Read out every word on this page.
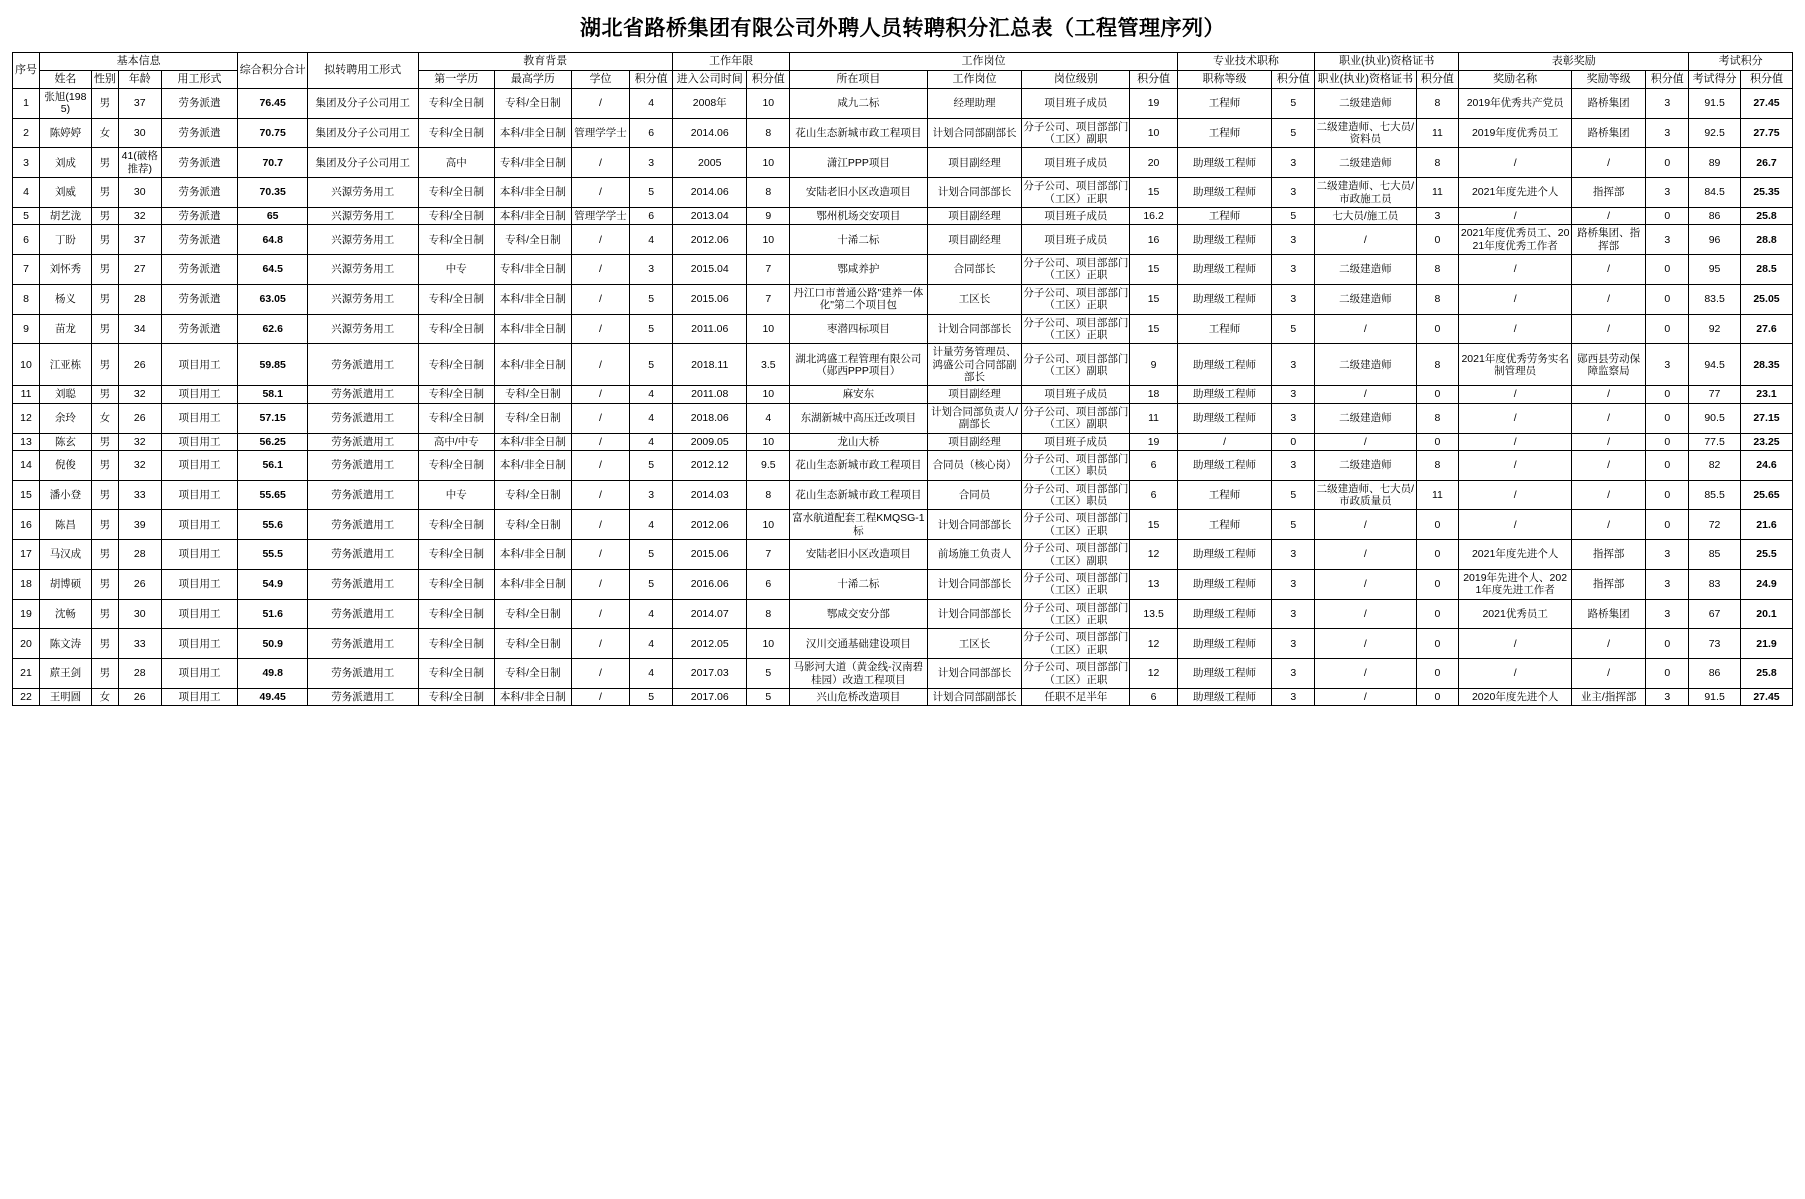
湖北省路桥集团有限公司外聘人员转聘积分汇总表（工程管理序列）
序号	基本信息				综合积分合计	拟转聘用工形式	教育背景				工作年限		工作岗位				专业技术职称		职业(执业)资格证书		表彰奖励			考试积分	
	姓名	性别	年龄	用工形式			第一学历	最高学历	学位	积分值	进入公司时间	积分值	所在项目	工作岗位	岗位级别	积分值	职称等级	积分值	职业(执业)资格证书	积分值	奖励名称	奖励等级	积分值	考试得分	积分值
1	张旭(1985)	男	37	劳务派遣	76.45	集团及分子公司用工	专科/全日制	专科/全日制	/	4	2008年	10	咸九二标	经理助理	项目班子成员	19	工程师	5	二级建造师	8	2019年优秀共产党员	路桥集团	3	91.5	27.45
2	陈婷婷	女	30	劳务派遣	70.75	集团及分子公司用工	专科/全日制	本科/非全日制	管理学学士	6	2014.06	8	花山生态新城市政工程项目	计划合同部副部长	分子公司、项目部部门（工区）副职	10	工程师	5	二级建造师、七大员/资料员	11	2019年度优秀员工	路桥集团	3	92.5	27.75
3	刘成	男	41(破格推荐)	劳务派遣	70.7	集团及分子公司用工	高中	专科/非全日制	/	3	2005	10	潇江PPP项目	项目副经理	项目班子成员	20	助理级工程师	3	二级建造师	8	/	/	0	89	26.7
4	刘威	男	30	劳务派遣	70.35	兴源劳务用工	专科/全日制	本科/非全日制	/	5	2014.06	8	安陆老旧小区改造项目	计划合同部部长	分子公司、项目部部门（工区）正职	15	助理级工程师	3	二级建造师、七大员/市政施工员	11	2021年度先进个人	指挥部	3	84.5	25.35
5	胡艺泷	男	32	劳务派遣	65	兴源劳务用工	专科/全日制	本科/非全日制	管理学学士	6	2013.04	9	鄂州机场交安项目	项目副经理	项目班子成员	16.2	工程师	5	七大员/施工员	3	/	/	0	86	25.8
6	丁盼	男	37	劳务派遣	64.8	兴源劳务用工	专科/全日制	专科/全日制	/	4	2012.06	10	十浠二标	项目副经理	项目班子成员	16	助理级工程师	3	/	0	2021年度优秀员工、2021年度优秀工作者	路桥集团、指挥部	3	96	28.8
7	刘怀秀	男	27	劳务派遣	64.5	兴源劳务用工	中专	专科/非全日制	/	3	2015.04	7	鄂咸养护	合同部长	分子公司、项目部部门（工区）正职	15	助理级工程师	3	二级建造师	8	/	/	0	95	28.5
8	杨义	男	28	劳务派遣	63.05	兴源劳务用工	专科/全日制	本科/非全日制	/	5	2015.06	7	丹江口市普通公路"建养一体化"第二个项目包	工区长	分子公司、项目部部门（工区）正职	15	助理级工程师	3	二级建造师	8	/	/	0	83.5	25.05
9	苗龙	男	34	劳务派遣	62.6	兴源劳务用工	专科/全日制	本科/非全日制	/	5	2011.06	10	枣潜四标项目	计划合同部部长	分子公司、项目部部门（工区）正职	15	工程师	5	/	0	/	/	0	92	27.6
10	江亚栋	男	26	项目用工	59.85	劳务派遣用工	专科/全日制	本科/非全日制	/	5	2018.11	3.5	湖北鸿盛工程管理有限公司（郧西PPP项目）	计量劳务管理员、鸿盛公司合同部副部长	分子公司、项目部部门（工区）副职	9	助理级工程师	3	二级建造师	8	2021年度优秀劳务实名制管理员	郧西县劳动保障监察局	3	94.5	28.35
11	刘聪	男	32	项目用工	58.1	劳务派遣用工	专科/全日制	专科/全日制	/	4	2011.08	10	麻安东	项目副经理	项目班子成员	18	助理级工程师	3	/	0	/	/	0	77	23.1
12	余玲	女	26	项目用工	57.15	劳务派遣用工	专科/全日制	专科/全日制	/	4	2018.06	4	东湖新城中高压迁改项目	计划合同部负责人/副部长	分子公司、项目部部门（工区）副职	11	助理级工程师	3	二级建造师	8	/	/	0	90.5	27.15
13	陈玄	男	32	项目用工	56.25	劳务派遣用工	高中/中专	本科/非全日制	/	4	2009.05	10	龙山大桥	项目副经理	项目班子成员	19	/	0	/	0	/	/	0	77.5	23.25
14	倪俊	男	32	项目用工	56.1	劳务派遣用工	专科/全日制	本科/非全日制	/	5	2012.12	9.5	花山生态新城市政工程项目	合同员（核心岗）	分子公司、项目部部门（工区）职员	6	助理级工程师	3	二级建造师	8	/	/	0	82	24.6
15	潘小登	男	33	项目用工	55.65	劳务派遣用工	中专	专科/全日制	/	3	2014.03	8	花山生态新城市政工程项目	合同员	分子公司、项目部部门（工区）职员	6	工程师	5	二级建造师、七大员/市政质量员	11	/	/	0	85.5	25.65
16	陈昌	男	39	项目用工	55.6	劳务派遣用工	专科/全日制	专科/全日制	/	4	2012.06	10	富水航道配套工程KMQSG-1标	计划合同部部长	分子公司、项目部部门（工区）正职	15	工程师	5	/	0	/	/	0	72	21.6
17	马汉成	男	28	项目用工	55.5	劳务派遣用工	专科/全日制	本科/非全日制	/	5	2015.06	7	安陆老旧小区改造项目	前场施工负责人	分子公司、项目部部门（工区）副职	12	助理级工程师	3	/	0	2021年度先进个人	指挥部	3	85	25.5
18	胡博硕	男	26	项目用工	54.9	劳务派遣用工	专科/全日制	本科/非全日制	/	5	2016.06	6	十浠二标	计划合同部部长	分子公司、项目部部门（工区）正职	13	助理级工程师	3	/	0	2019年先进个人、2021年度先进工作者	指挥部	3	83	24.9
19	沈畅	男	30	项目用工	51.6	劳务派遣用工	专科/全日制	专科/全日制	/	4	2014.07	8	鄂咸交安分部	计划合同部部长	分子公司、项目部部门（工区）正职	13.5	助理级工程师	3	/	0	2021优秀员工	路桥集团	3	67	20.1
20	陈文涛	男	33	项目用工	50.9	劳务派遣用工	专科/全日制	专科/全日制	/	4	2012.05	10	汉川交通基础建设项目	工区长	分子公司、项目部部门（工区）正职	12	助理级工程师	3	/	0	/	/	0	73	21.9
21	蒝王剑	男	28	项目用工	49.8	劳务派遣用工	专科/全日制	专科/全日制	/	4	2017.03	5	马影河大道（黄金线-汉南碧桂园）改造工程项目	计划合同部部长	分子公司、项目部部门（工区）正职	12	助理级工程师	3	/	0	/	/	0	86	25.8
22	王明圆	女	26	项目用工	49.45	劳务派遣用工	专科/全日制	本科/非全日制	/	5	2017.06	5	兴山危桥改造项目	计划合同部副部长	任职不足半年	6	助理级工程师	3	/	0	2020年度先进个人	业主/指挥部	3	91.5	27.45
